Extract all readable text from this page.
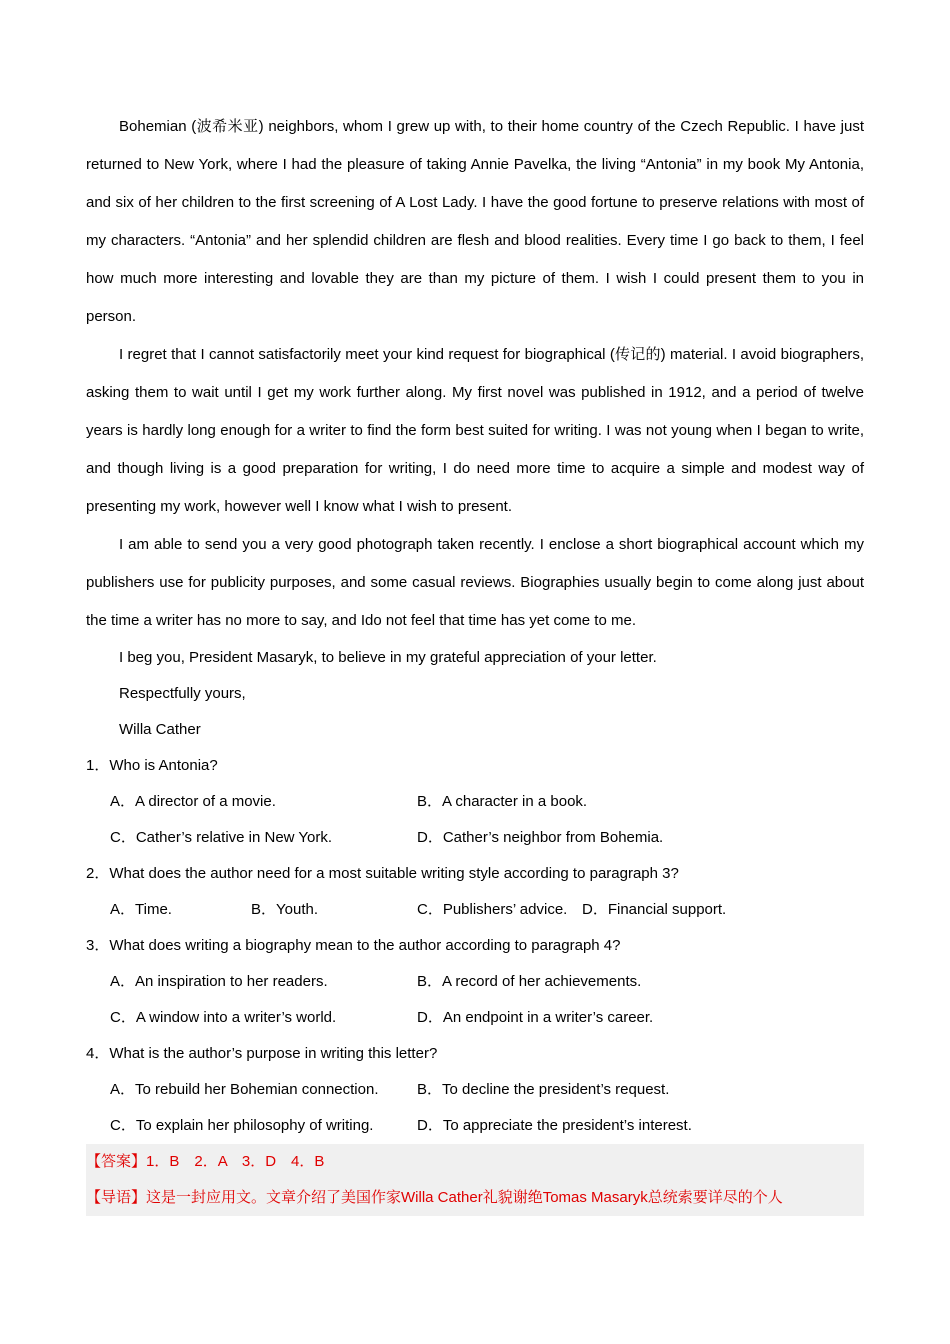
Bohemian (波希米亚) neighbors, whom I grew up with, to their home country of the Czech Republic. I have just returned to New York, where I had the pleasure of taking Annie Pavelka, the living “Antonia” in my book My Antonia, and six of her children to the first screening of A Lost Lady. I have the good fortune to preserve relations with most of my characters. “Antonia” and her splendid children are flesh and blood realities. Every time I go back to them, I feel how much more interesting and lovable they are than my picture of them. I wish I could present them to you in person.

I regret that I cannot satisfactorily meet your kind request for biographical (传记的) material. I avoid biographers, asking them to wait until I get my work further along. My first novel was published in 1912, and a period of twelve years is hardly long enough for a writer to find the form best suited for writing. I was not young when I began to write, and though living is a good preparation for writing, I do need more time to acquire a simple and modest way of presenting my work, however well I know what I wish to present.

I am able to send you a very good photograph taken recently. I enclose a short biographical account which my publishers use for publicity purposes, and some casual reviews. Biographies usually begin to come along just about the time a writer has no more to say, and Ido not feel that time has yet come to me.

I beg you, President Masaryk, to believe in my grateful appreciation of your letter.
Respectfully yours,
Willa Cather
1．Who is Antonia?
A．A director of a movie.	B．A character in a book.
C．Cather’s relative in New York.	D．Cather’s neighbor from Bohemia.
2．What does the author need for a most suitable writing style according to paragraph 3?
A．Time.	B．Youth.	C．Publishers’ advice. D．Financial support.
3．What does writing a biography mean to the author according to paragraph 4?
A．An inspiration to her readers.	B．A record of her achievements.
C．A window into a writer’s world.	D．An endpoint in a writer’s career.
4．What is the author’s purpose in writing this letter?
A．To rebuild her Bohemian connection.	B．To decline the president’s request.
C．To explain her philosophy of writing.	D．To appreciate the president’s interest.
【答案】1．B　2．A　3．D　4．B
【导语】这是一封应用文。文章介绍了美国作家Willa Cather礼貌谢绝Tomas Masaryk总统索要详尽的个人
